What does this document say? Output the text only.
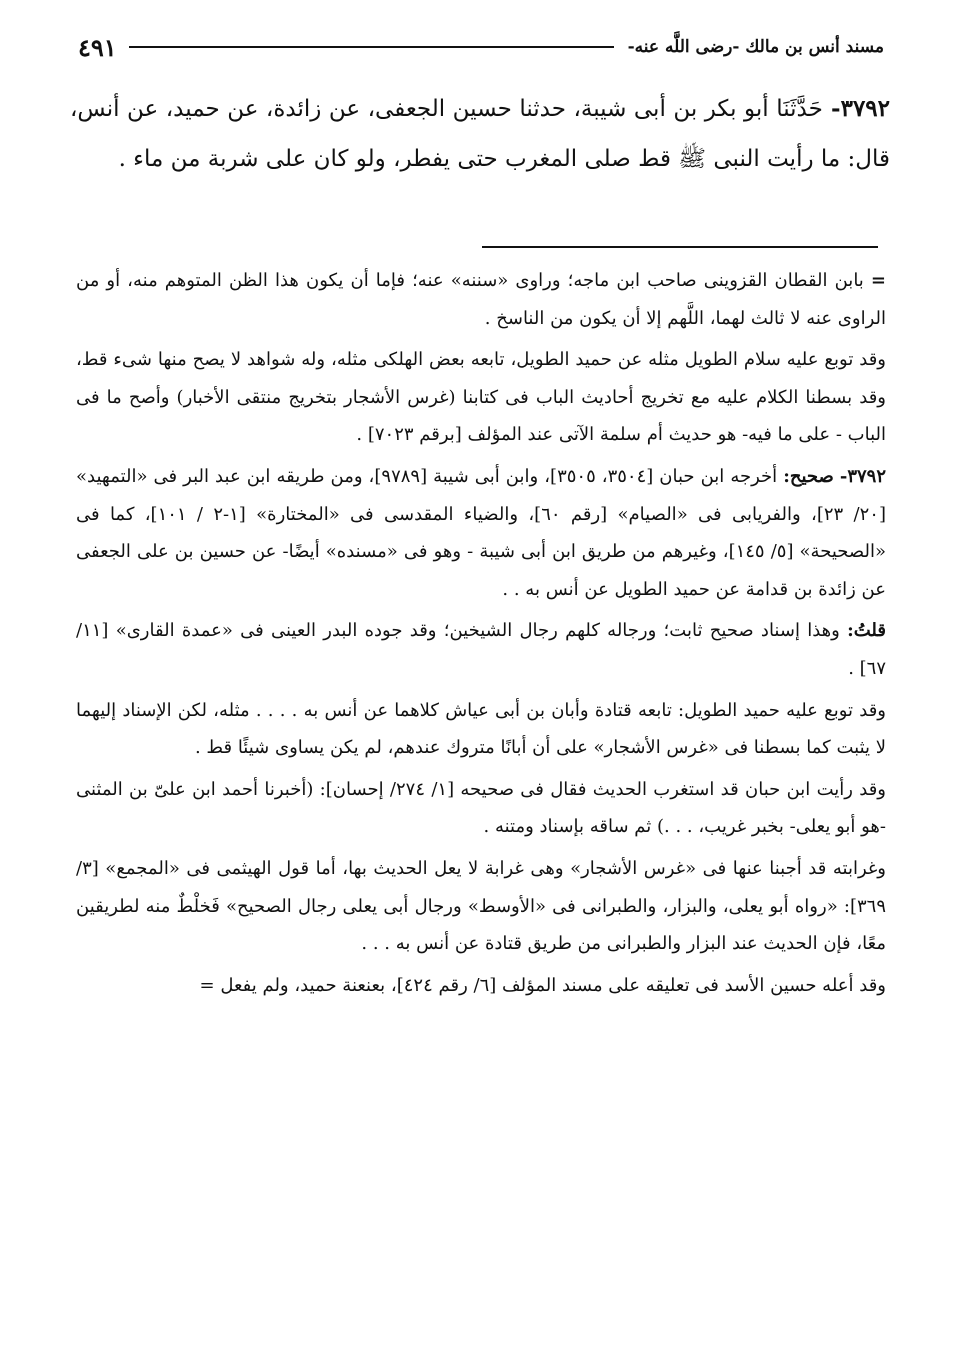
مسند أنس بن مالك -رضى اللَّه عنه-
٤٩١
٣٧٩٢- حَدَّثَنَا أبو بكر بن أبى شيبة، حدثنا حسين الجعفى، عن زائدة، عن حميد، عن أنس، قال: ما رأيت النبى ﷺ قط صلى المغرب حتى يفطر، ولو كان على شربة من ماء .

= بابن القطان القزوينى صاحب ابن ماجه؛ وراوى «سننه» عنه؛ فإما أن يكون هذا الظن المتوهم منه، أو من الراوى عنه لا ثالث لهما، اللَّهم إلا أن يكون من الناسخ .

وقد توبع عليه سلام الطويل مثله عن حميد الطويل، تابعه بعض الهلكى مثله، وله شواهد لا يصح منها شىء قط، وقد بسطنا الكلام عليه مع تخريج أحاديث الباب فى كتابنا (غرس الأشجار بتخريج منتقى الأخبار) وأصح ما فى الباب - على ما فيه- هو حديث أم سلمة الآتى عند المؤلف [برقم ٧٠٢٣] .

٣٧٩٢- صحيح: أخرجه ابن حبان [٣٥٠٤، ٣٥٠٥]، وابن أبى شيبة [٩٧٨٩]، ومن طريقه ابن عبد البر فى «التمهيد» [٢٠/ ٢٣]، والفريابى فى «الصيام» [رقم ٦٠]، والضياء المقدسى فى «المختارة» [١-٢ / ١٠١]، كما فى «الصحيحة» [٥/ ١٤٥]، وغيرهم من طريق ابن أبى شيبة - وهو فى «مسنده» أيضًا- عن حسين بن على الجعفى عن زائدة بن قدامة عن حميد الطويل عن أنس به . .

قلتُ: وهذا إسناد صحيح ثابت؛ ورجاله كلهم رجال الشيخين؛ وقد جوده البدر العينى فى «عمدة القارى» [١١/ ٦٧] .

وقد توبع عليه حميد الطويل: تابعه قتادة وأبان بن أبى عياش كلاهما عن أنس به . . . . مثله، لكن الإسناد إليهما لا يثبت كما بسطنا فى «غرس الأشجار» على أن أبانًا متروك عندهم، لم يكن يساوى شيئًا قط .

وقد رأيت ابن حبان قد استغرب الحديث فقال فى صحيحه [١/ ٢٧٤/ إحسان]: (أخبرنا أحمد ابن علىّ بن المثنى -هو أبو يعلى- بخبر غريب، . . .) ثم ساقه بإسناد ومتنه .

وغرابته قد أجبنا عنها فى «غرس الأشجار» وهى غرابة لا يعل الحديث بها، أما قول الهيثمى فى «المجمع» [٣/ ٣٦٩]: «رواه أبو يعلى، والبزار، والطبرانى فى «الأوسط» ورجال أبى يعلى رجال الصحيح» فَخلْطٌ منه لطريقين معًا، فإن الحديث عند البزار والطبرانى من طريق قتادة عن أنس به . . .

وقد أعله حسين الأسد فى تعليقه على مسند المؤلف [٦/ رقم ٤٢٤]، بعنعنة حميد، ولم يفعل =
